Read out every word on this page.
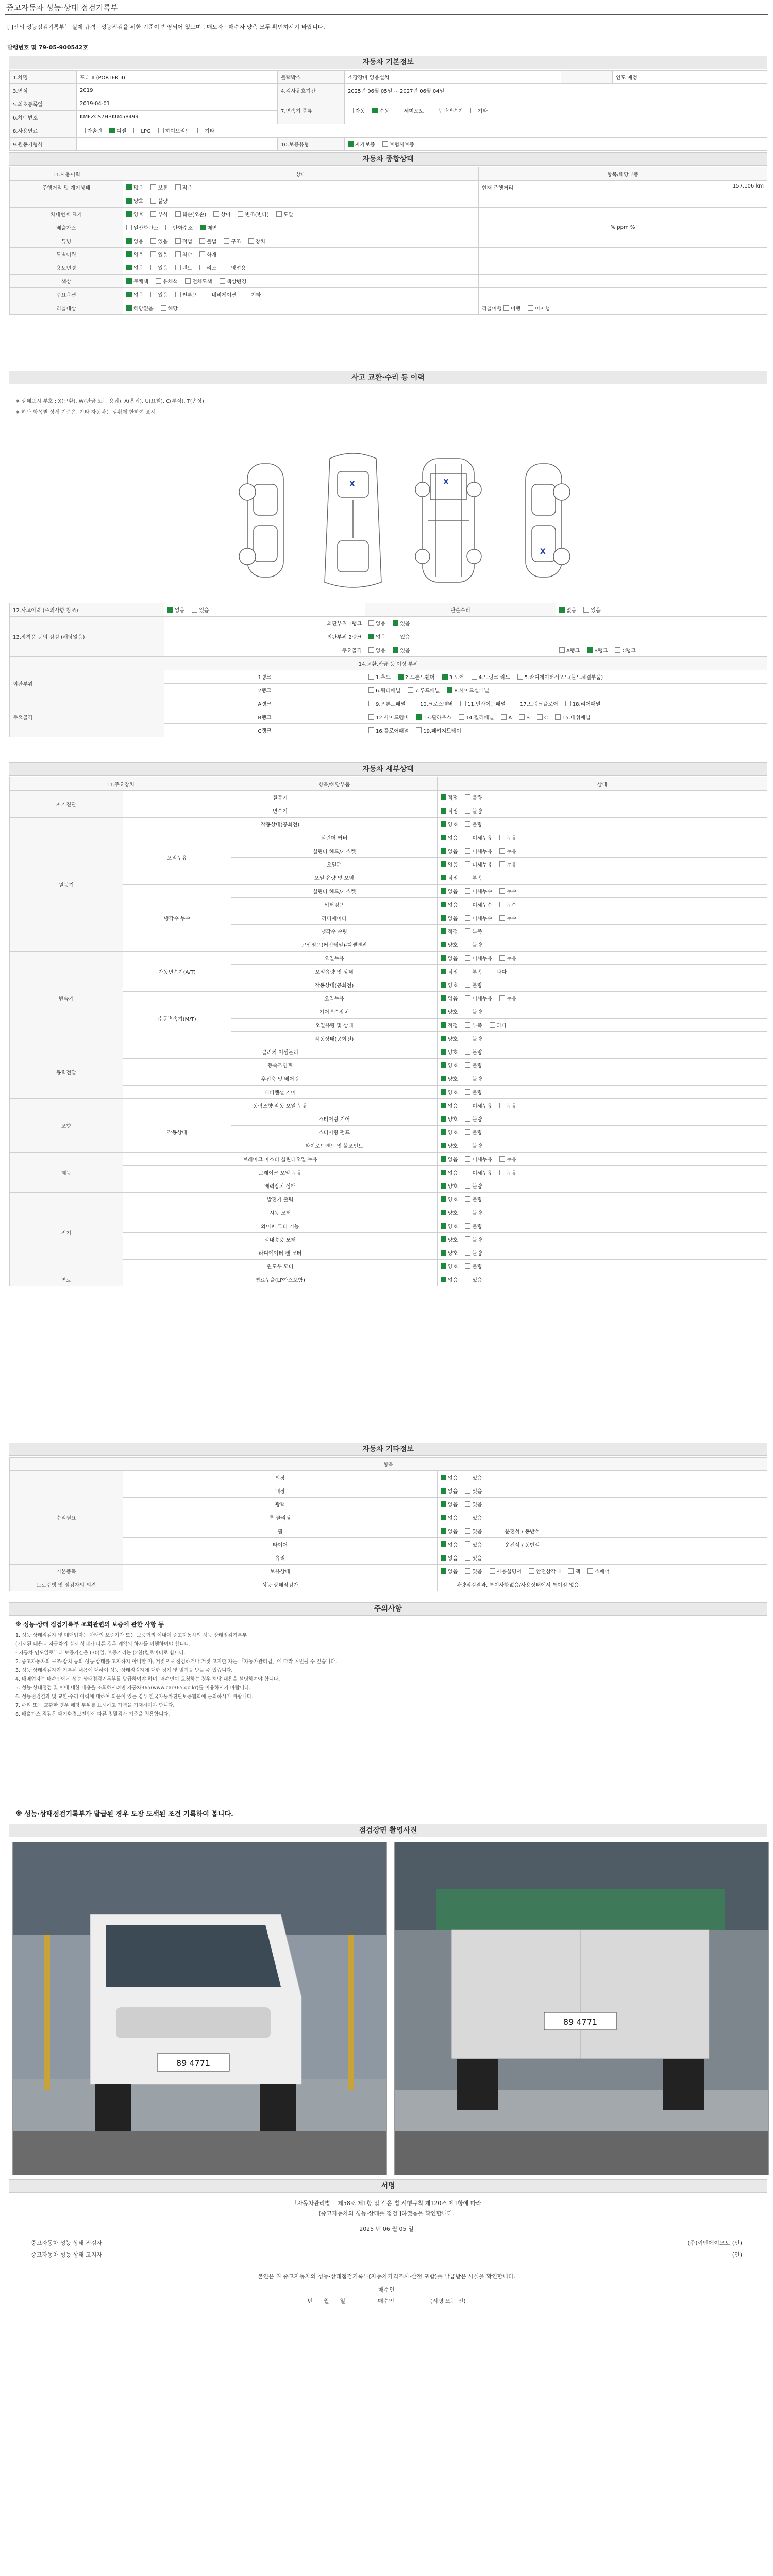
중고자동차 성능·상태 점검기록부
[ ]안의 성능점검기록부는 실제 규격 · 성능점검을 위한 기준이 반영되어 있으며 , 매도자 · 매수자 양측 모두 확인하시기 바랍니다.
발행번호 및 79-05-900542호
자동차 기본정보
1.차명	포터 II (PORTER II)	블랙박스	소장장비 없음설치		인도 예정
3.연식	2019	4.검사유효기간	2025년 06월 05일 ~ 2027년 06월 04일		
5.최초등록일	2019-04-01	7.변속기 종류	자동 수동 세미오토 무단변속기 기타		
6.차대번호	KMFZCS7HBKU458499				
8.사용연료	가솔린 디젤 LPG 하이브리드 기타				
9.원동기형식		10.보증유형	자가보증 보험사보증		
자동차 종합상태
11.사용이력	상태	항목/해당부품
주행거리 및 계기상태	많음 보통 적음	현재 주행거리 157,106 km

	양호 불량	
차대번호 표기	양호 부식 훼손(오손) 상이 변조(변타) 도말	
배출가스	일산화탄소 탄화수소 매연	% ppm %
튜닝	없음 있음 적법 불법 구조 장치	
특별이력	없음 있음 침수 화재	
용도변경	없음 있음 렌트 리스 영업용	
색상	무채색 유채색 전체도색 색상변경	
주요옵션	없음 있음 썬루프 네비게이션 기타	
리콜대상	해당없음 해당	리콜이행 이행 미이행
사고 교환·수리 등 이력
※ 상태표시 부호 : X(교환), W(판금 또는 용접), A(흠집), U(요철), C(부식), T(손상)
※ 하단 항목별 상세 기준은, 기타 자동차는 상황에 한하여 표시
X	X
X
12.사고이력 (주의사항 참조)	없음 있음	단순수리	없음 있음
13.장착품 등의 점검 (해당없음)	외판부위 1랭크	없음 있음	
	외판부위 2랭크	없음 있음	
	주요골격	없음 있음	A랭크 B랭크 C랭크
14.교환,판금 등 이상 부위			
외판부위	1랭크	1.후드 2.프론트휀더 3.도어 4.트렁크 리드 5.라디에이터서포트(볼트체결부품)	
	2랭크	6.쿼터패널 7.루프패널 8.사이드실패널	
주요골격	A랭크	9.프론트패널 10.크로스멤버 11.인사이드패널 17.트렁크플로어 18.리어패널	
	B랭크	12.사이드멤버 13.휠하우스 14.필러패널 A B C 15.대쉬패널	
	C랭크	16.플로어패널 19.패키지트레이	
자동차 세부상태
11.주요장치		항목/해당부품	상태
자기진단	원동기		적정 불량
	변속기		적정 불량
원동기	작동상태(공회전)		양호 불량
	오일누유	실린더 커버	없음 미세누유 누유
		실린더 헤드/개스켓	없음 미세누유 누유
		오일팬	없음 미세누유 누유
		오일 유량 및 오염	적정 부족
	냉각수 누수	실린더 헤드/개스켓	없음 미세누수 누수
		워터펌프	없음 미세누수 누수
		라디에이터	없음 미세누수 누수
		냉각수 수량	적정 부족
		고압펌프(커먼레일)-디젤엔진	양호 불량
변속기	자동변속기(A/T)	오일누유	없음 미세누유 누유
		오일유량 및 상태	적정 부족 과다
		작동상태(공회전)	양호 불량
	수동변속기(M/T)	오일누유	없음 미세누유 누유
		기어변속장치	양호 불량
		오일유량 및 상태	적정 부족 과다
		작동상태(공회전)	양호 불량
동력전달	클러치 어셈블리		양호 불량
	등속조인트		양호 불량
	추진축 및 베어링		양호 불량
	디퍼렌셜 기어		양호 불량
조향	동력조향 작동 오일 누유		없음 미세누유 누유
	작동상태	스티어링 기어	양호 불량
		스티어링 펌프	양호 불량
		타이로드엔드 및 볼조인트	양호 불량
제동	브레이크 마스터 실린더오일 누유		없음 미세누유 누유
	브레이크 오일 누유		없음 미세누유 누유
	배력장치 상태		양호 불량
전기	발전기 출력		양호 불량
	시동 모터		양호 불량
	와이퍼 모터 기능		양호 불량
	실내송풍 모터		양호 불량
	라디에이터 팬 모터		양호 불량
	윈도우 모터		양호 불량
연료	연료누출(LP가스포함)		없음 있음
자동차 기타정보
항목		
수리필요	외장	없음 있음
	내장	없음 있음
	광택	없음 있음
	룸 클리닝	없음 있음
	휠	없음 있음 운전석 / 동반석
	타이어	없음 있음 운전석 / 동반석
	유리	없음 있음
기본품목	보유상태	없음 있음 사용설명서 안전삼각대 잭 스패너
도로주행 및 점검자의 의견	성능·상태점검자	차량점검결과, 특이사항없음/사용상태에서 특이점 없음
주의사항
※ 성능·상태 점검기록부 조회관련의 보증에 관한 사항 등
1. 성능·상태점검자 및 매매업자는 아래의 보증기간 또는 보증거리 이내에 중고자동차의 성능·상태점검기록부
(기재된 내용과 자동차의 실제 상태가 다른 경우 계약의 하자를 이행하여야 합니다.
- 자동차 인도일로부터 보증기간은 (30)일, 보증거리는 (2천)킬로미터로 합니다.
2. 중고자동차의 구조·장치 등의 성능·상태를 고지하지 아니한 자, 거짓으로 점검하거나 거짓 고지한 자는 「자동차관리법」에 따라 처벌될 수 있습니다.
3. 성능·상태점검자가 기록된 내용에 대하여 성능·상태점검자에 대한 징계 및 벌칙을 받을 수 있습니다.
4. 매매업자는 매수인에게 성능·상태점검기록부를 발급하여야 하며, 매수인이 요청하는 경우 해당 내용을 설명하여야 합니다.
5. 성능·상태점검 및 이에 대한 내용을 조회하시려면 자동차365(www.car365.go.kr)를 이용하시기 바랍니다.
6. 성능점검결과 및 교환·수리 이력에 대하여 의문이 있는 경우 한국자동차진단보증협회에 문의하시기 바랍니다.
7. 수리 또는 교환한 경우 해당 부위를 표시하고 가격을 기재하여야 합니다.
8. 배출가스 점검은 대기환경보전법에 따른 정밀검사 기준을 적용합니다.
※ 성능·상태점검기록부가 발급된 경우 도장 도색된 조건 기록하여 봅니다.
점검장면 촬영사진
89 4771
89 4771
서명
「자동차관리법」 제58조 제1항 및 같은 법 시행규칙 제120조 제1항에 따라
[중고자동차의 성능·상태를 점검 ]하였음을 확인합니다.
2025 년 06 월 05 일
중고자동차 성능·상태 점검자	(주)씨엔에이오토 (인)
중고자동차 성능·상태 고지자	(인)
본인은 위 중고자동차의 성능·상태점검기록부(자동차가격조사·산정 포함)를 발급받은 사실을 확인합니다.
매수인
년      월      일                  매수인                    (서명 또는 인)
